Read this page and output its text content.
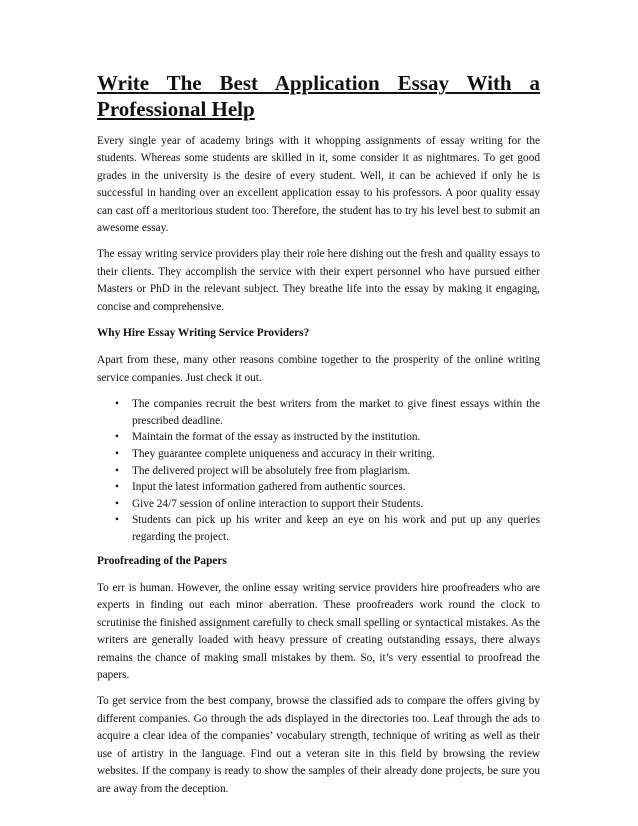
Write The Best Application Essay With a
Professional Help

Every single year of academy brings with it whopping assignments of essay writing for the students. Whereas some students are skilled in it, some consider it as nightmares. To get good grades in the university is the desire of every student. Well, it can be achieved if only he is successful in handing over an excellent application essay to his professors. A poor quality essay can cast off a meritorious student too. Therefore, the student has to try his level best to submit an awesome essay.

The essay writing service providers play their role here dishing out the fresh and quality essays to their clients. They accomplish the service with their expert personnel who have pursued either Masters or PhD in the relevant subject. They breathe life into the essay by making it engaging, concise and comprehensive.

Why Hire Essay Writing Service Providers?

Apart from these, many other reasons combine together to the prosperity of the online writing service companies. Just check it out.

• The companies recruit the best writers from the market to give finest essays within the prescribed deadline.
• Maintain the format of the essay as instructed by the institution.
• They guarantee complete uniqueness and accuracy in their writing.
• The delivered project will be absolutely free from plagiarism.
• Input the latest information gathered from authentic sources.
• Give 24/7 session of online interaction to support their Students.
• Students can pick up his writer and keep an eye on his work and put up any queries regarding the project.
Proofreading of the Papers

To err is human. However, the online essay writing service providers hire proofreaders who are experts in finding out each minor aberration. These proofreaders work round the clock to scrutinise the finished assignment carefully to check small spelling or syntactical mistakes. As the writers are generally loaded with heavy pressure of creating outstanding essays, there always remains the chance of making small mistakes by them. So, it’s very essential to proofread the papers.

To get service from the best company, browse the classified ads to compare the offers giving by different companies. Go through the ads displayed in the directories too. Leaf through the ads to acquire a clear idea of the companies’ vocabulary strength, technique of writing as well as their use of artistry in the language. Find out a veteran site in this field by browsing the review websites. If the company is ready to show the samples of their already done projects, be sure you are away from the deception.
